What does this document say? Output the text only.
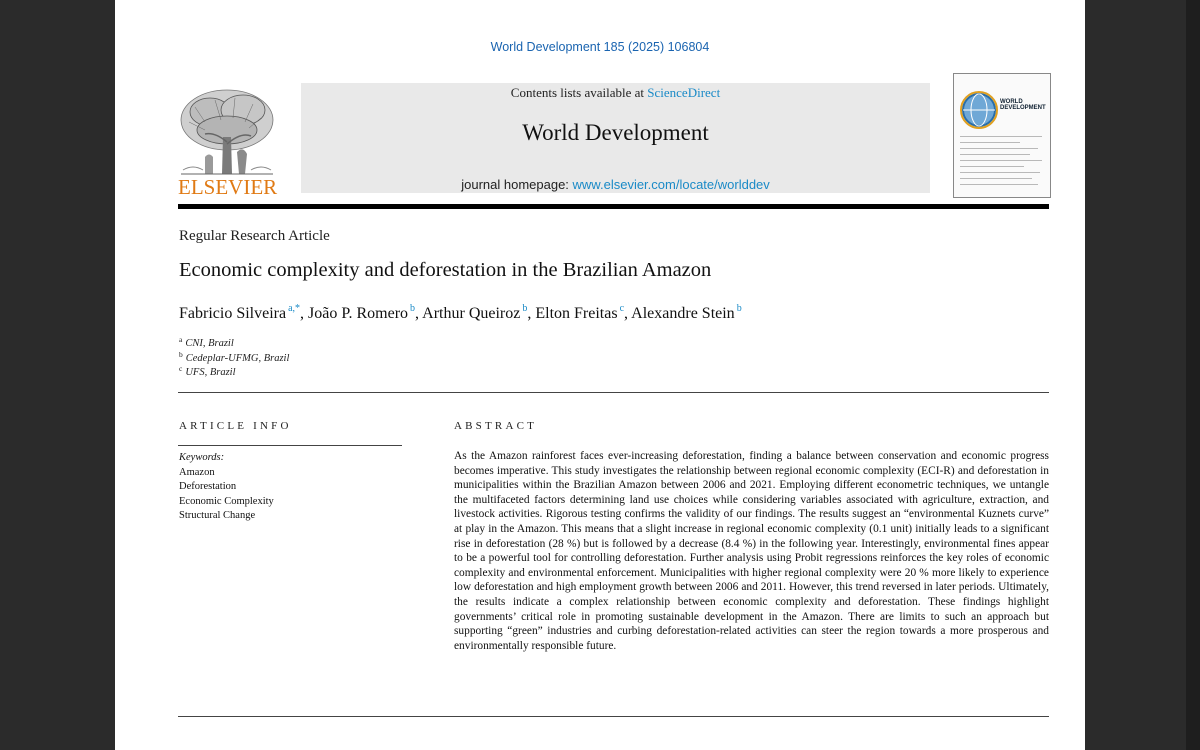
World Development 185 (2025) 106804
ELSEVIER
Contents lists available at ScienceDirect
World Development
journal homepage: www.elsevier.com/locate/worlddev
WORLD DEVELOPMENT
Regular Research Article
Economic complexity and deforestation in the Brazilian Amazon
Fabricio Silveira $^{a,*}$, João P. Romero $^b$, Arthur Queiroz $^b$, Elton Freitas $^c$, Alexandre Stein $^b$
$^a$ CNI, Brazil
$^b$ Cedeplar-UFMG, Brazil
$^c$ UFS, Brazil
ARTICLE INFO	ABSTRACT
Keywords:
Amazon
Deforestation
Economic Complexity
Structural Change
As the Amazon rainforest faces ever-increasing deforestation, finding a balance between conservation and economic progress becomes imperative. This study investigates the relationship between regional economic complexity (ECI-R) and deforestation in municipalities within the Brazilian Amazon between 2006 and 2021. Employing different econometric techniques, we untangle the multifaceted factors determining land use choices while considering variables associated with agriculture, extraction, and livestock activities. Rigorous testing confirms the validity of our findings. The results suggest an “environmental Kuznets curve” at play in the Amazon. This means that a slight increase in regional economic complexity (0.1 unit) initially leads to a significant rise in deforestation (28 %) but is followed by a decrease (8.4 %) in the following year. Interestingly, environmental fines appear to be a powerful tool for controlling deforestation. Further analysis using Probit regressions reinforces the key roles of economic complexity and environmental enforcement. Municipalities with higher regional complexity were 20 % more likely to experience low deforestation and high employment growth between 2006 and 2011. However, this trend reversed in later periods. Ultimately, the results indicate a complex relationship between economic complexity and deforestation. These findings highlight governments’ critical role in promoting sustainable development in the Amazon. There are limits to such an approach but supporting “green” industries and curbing deforestation-related activities can steer the region towards a more prosperous and environmentally responsible future.
